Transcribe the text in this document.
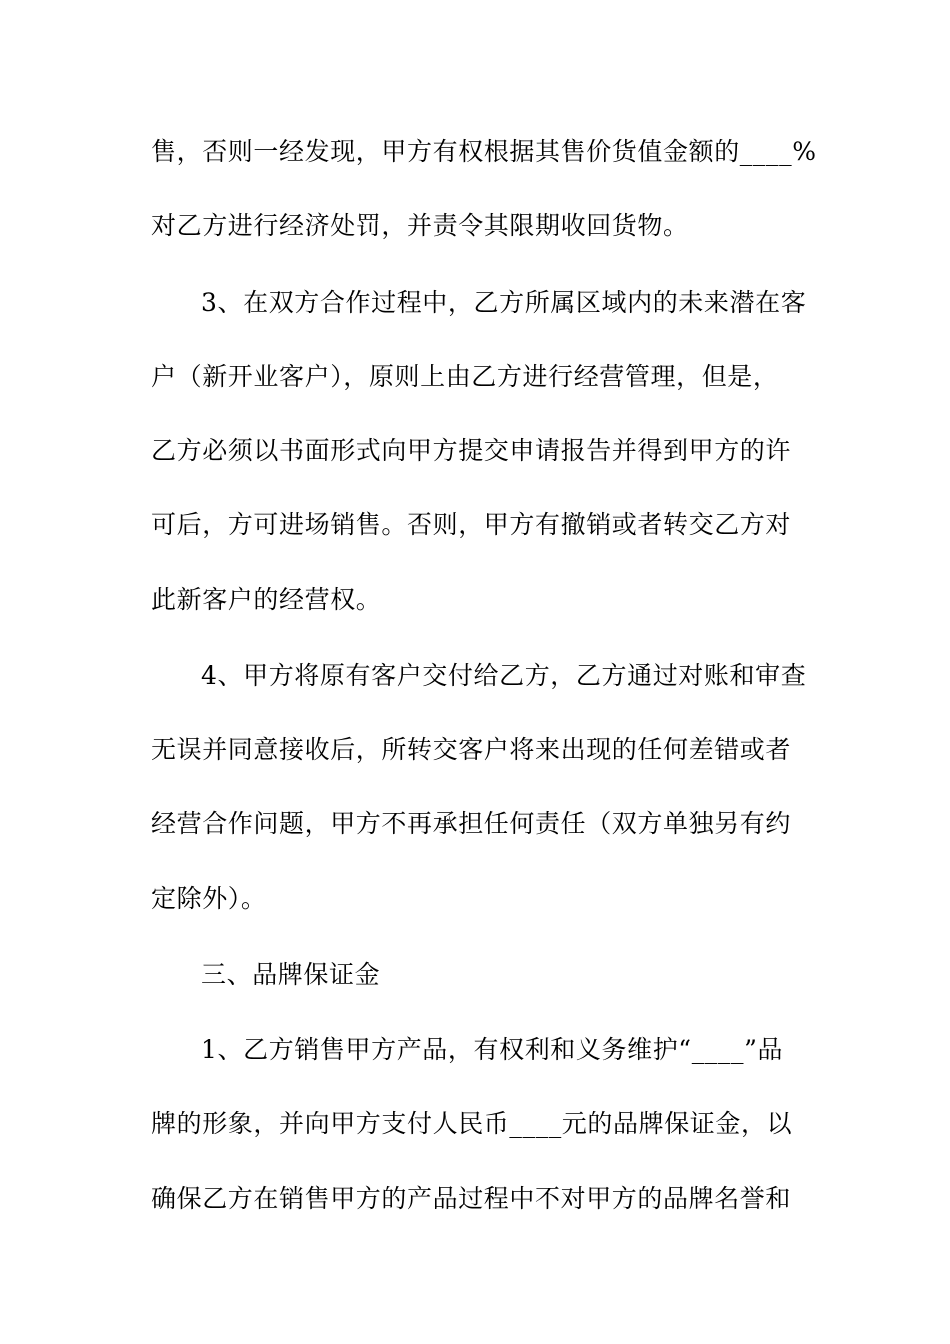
售，否则一经发现，甲方有权根据其售价货值金额的____%
对乙方进行经济处罚，并责令其限期收回货物。
3、在双方合作过程中，乙方所属区域内的未来潜在客
户（新开业客户），原则上由乙方进行经营管理，但是，
乙方必须以书面形式向甲方提交申请报告并得到甲方的许
可后，方可进场销售。否则，甲方有撤销或者转交乙方对
此新客户的经营权。
4、甲方将原有客户交付给乙方，乙方通过对账和审查
无误并同意接收后，所转交客户将来出现的任何差错或者
经营合作问题，甲方不再承担任何责任（双方单独另有约
定除外）。
三、品牌保证金
1、乙方销售甲方产品，有权利和义务维护“____”品
牌的形象，并向甲方支付人民币____元的品牌保证金，以
确保乙方在销售甲方的产品过程中不对甲方的品牌名誉和
